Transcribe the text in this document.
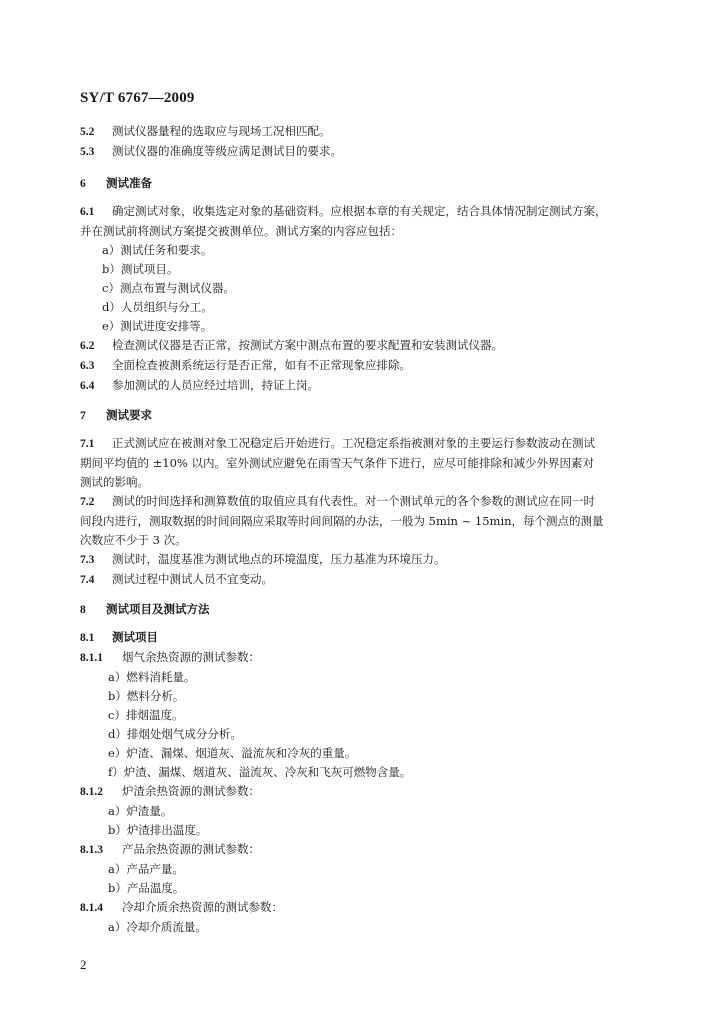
SY/T 6767—2009
5.2 测试仪器量程的选取应与现场工况相匹配。
5.3 测试仪器的准确度等级应满足测试目的要求。
6 测试准备
6.1 确定测试对象，收集选定对象的基础资料。应根据本章的有关规定，结合具体情况制定测试方案，
并在测试前将测试方案提交被测单位。测试方案的内容应包括：
a）测试任务和要求。
b）测试项目。
c）测点布置与测试仪器。
d）人员组织与分工。
e）测试进度安排等。
6.2 检查测试仪器是否正常，按测试方案中测点布置的要求配置和安装测试仪器。
6.3 全面检查被测系统运行是否正常，如有不正常现象应排除。
6.4 参加测试的人员应经过培训，持证上岗。
7 测试要求
7.1 正式测试应在被测对象工况稳定后开始进行。工况稳定系指被测对象的主要运行参数波动在测试
期间平均值的 ±10% 以内。室外测试应避免在雨雪天气条件下进行，应尽可能排除和减少外界因素对
测试的影响。
7.2 测试的时间选择和测算数值的取值应具有代表性。对一个测试单元的各个参数的测试应在同一时
间段内进行，测取数据的时间间隔应采取等时间间隔的办法，一般为 5min ~ 15min，每个测点的测量
次数应不少于 3 次。
7.3 测试时，温度基准为测试地点的环境温度，压力基准为环境压力。
7.4 测试过程中测试人员不宜变动。
8 测试项目及测试方法
8.1 测试项目
8.1.1 烟气余热资源的测试参数：
a）燃料消耗量。
b）燃料分析。
c）排烟温度。
d）排烟处烟气成分分析。
e）炉渣、漏煤、烟道灰、溢流灰和冷灰的重量。
f）炉渣、漏煤、烟道灰、溢流灰、冷灰和飞灰可燃物含量。
8.1.2 炉渣余热资源的测试参数：
a）炉渣量。
b）炉渣排出温度。
8.1.3 产品余热资源的测试参数：
a）产品产量。
b）产品温度。
8.1.4 冷却介质余热资源的测试参数：
a）冷却介质流量。
2
